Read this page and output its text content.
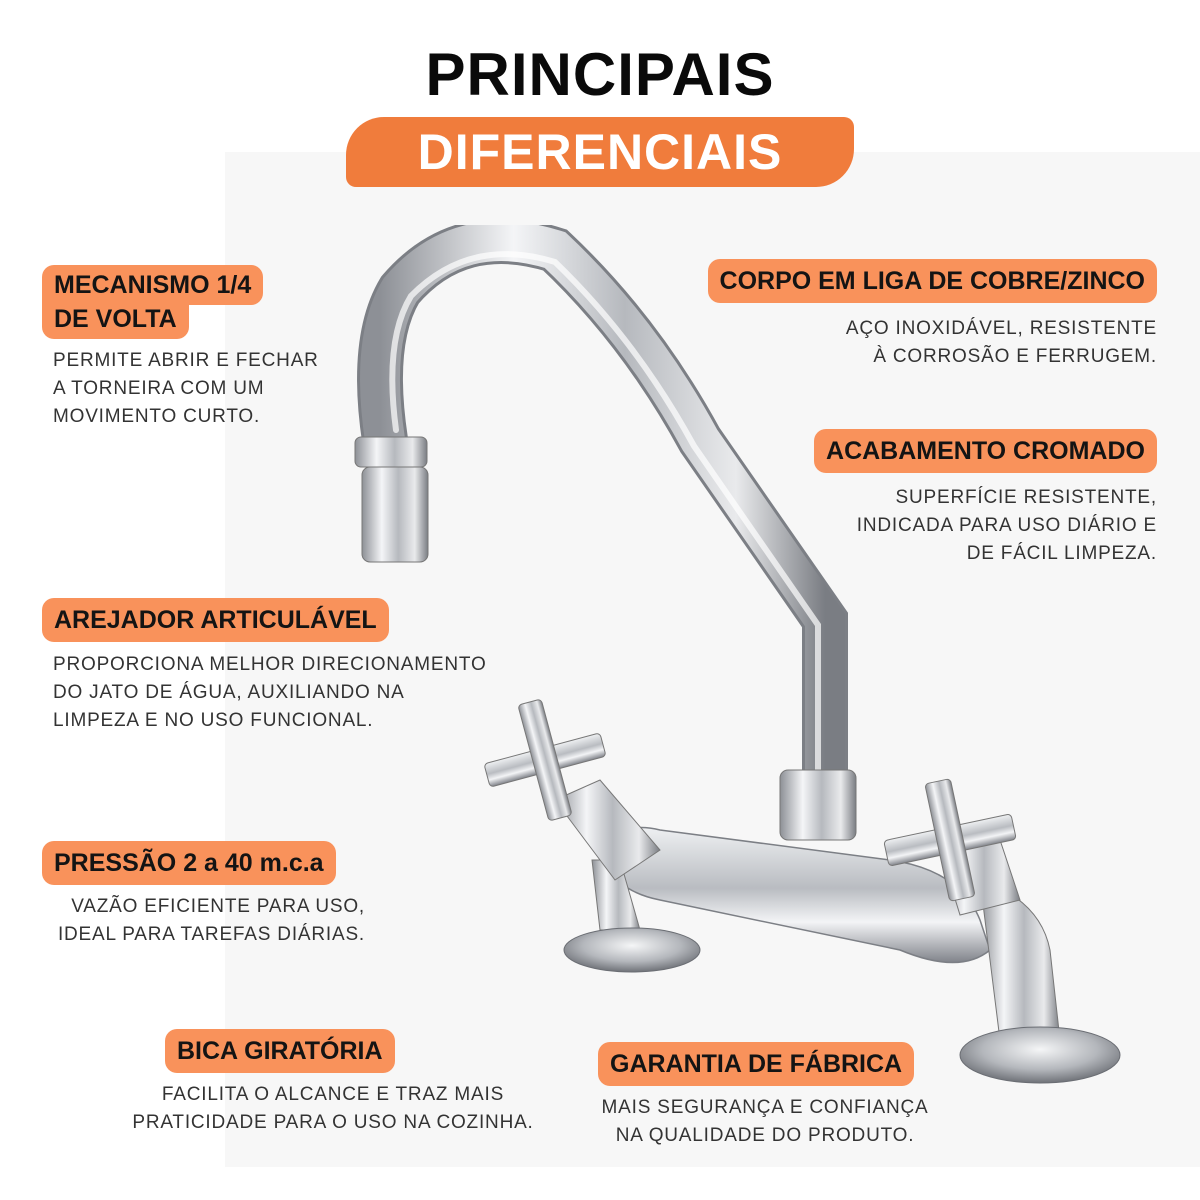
PRINCIPAIS
DIFERENCIAIS
MECANISMO 1/4
DE VOLTA
PERMITE ABRIR E FECHAR
A TORNEIRA COM UM
MOVIMENTO CURTO.
CORPO EM LIGA DE COBRE/ZINCO
AÇO INOXIDÁVEL, RESISTENTE
À CORROSÃO E FERRUGEM.
ACABAMENTO CROMADO
SUPERFÍCIE RESISTENTE,
INDICADA PARA USO DIÁRIO E
DE FÁCIL LIMPEZA.
AREJADOR ARTICULÁVEL
PROPORCIONA MELHOR DIRECIONAMENTO
DO JATO DE ÁGUA, AUXILIANDO NA
LIMPEZA E NO USO FUNCIONAL.
PRESSÃO 2 a 40 m.c.a
VAZÃO EFICIENTE PARA USO,
IDEAL PARA TAREFAS DIÁRIAS.
BICA GIRATÓRIA
FACILITA O ALCANCE E TRAZ MAIS
PRATICIDADE PARA O USO NA COZINHA.
GARANTIA DE FÁBRICA
MAIS SEGURANÇA E CONFIANÇA
NA QUALIDADE DO PRODUTO.
